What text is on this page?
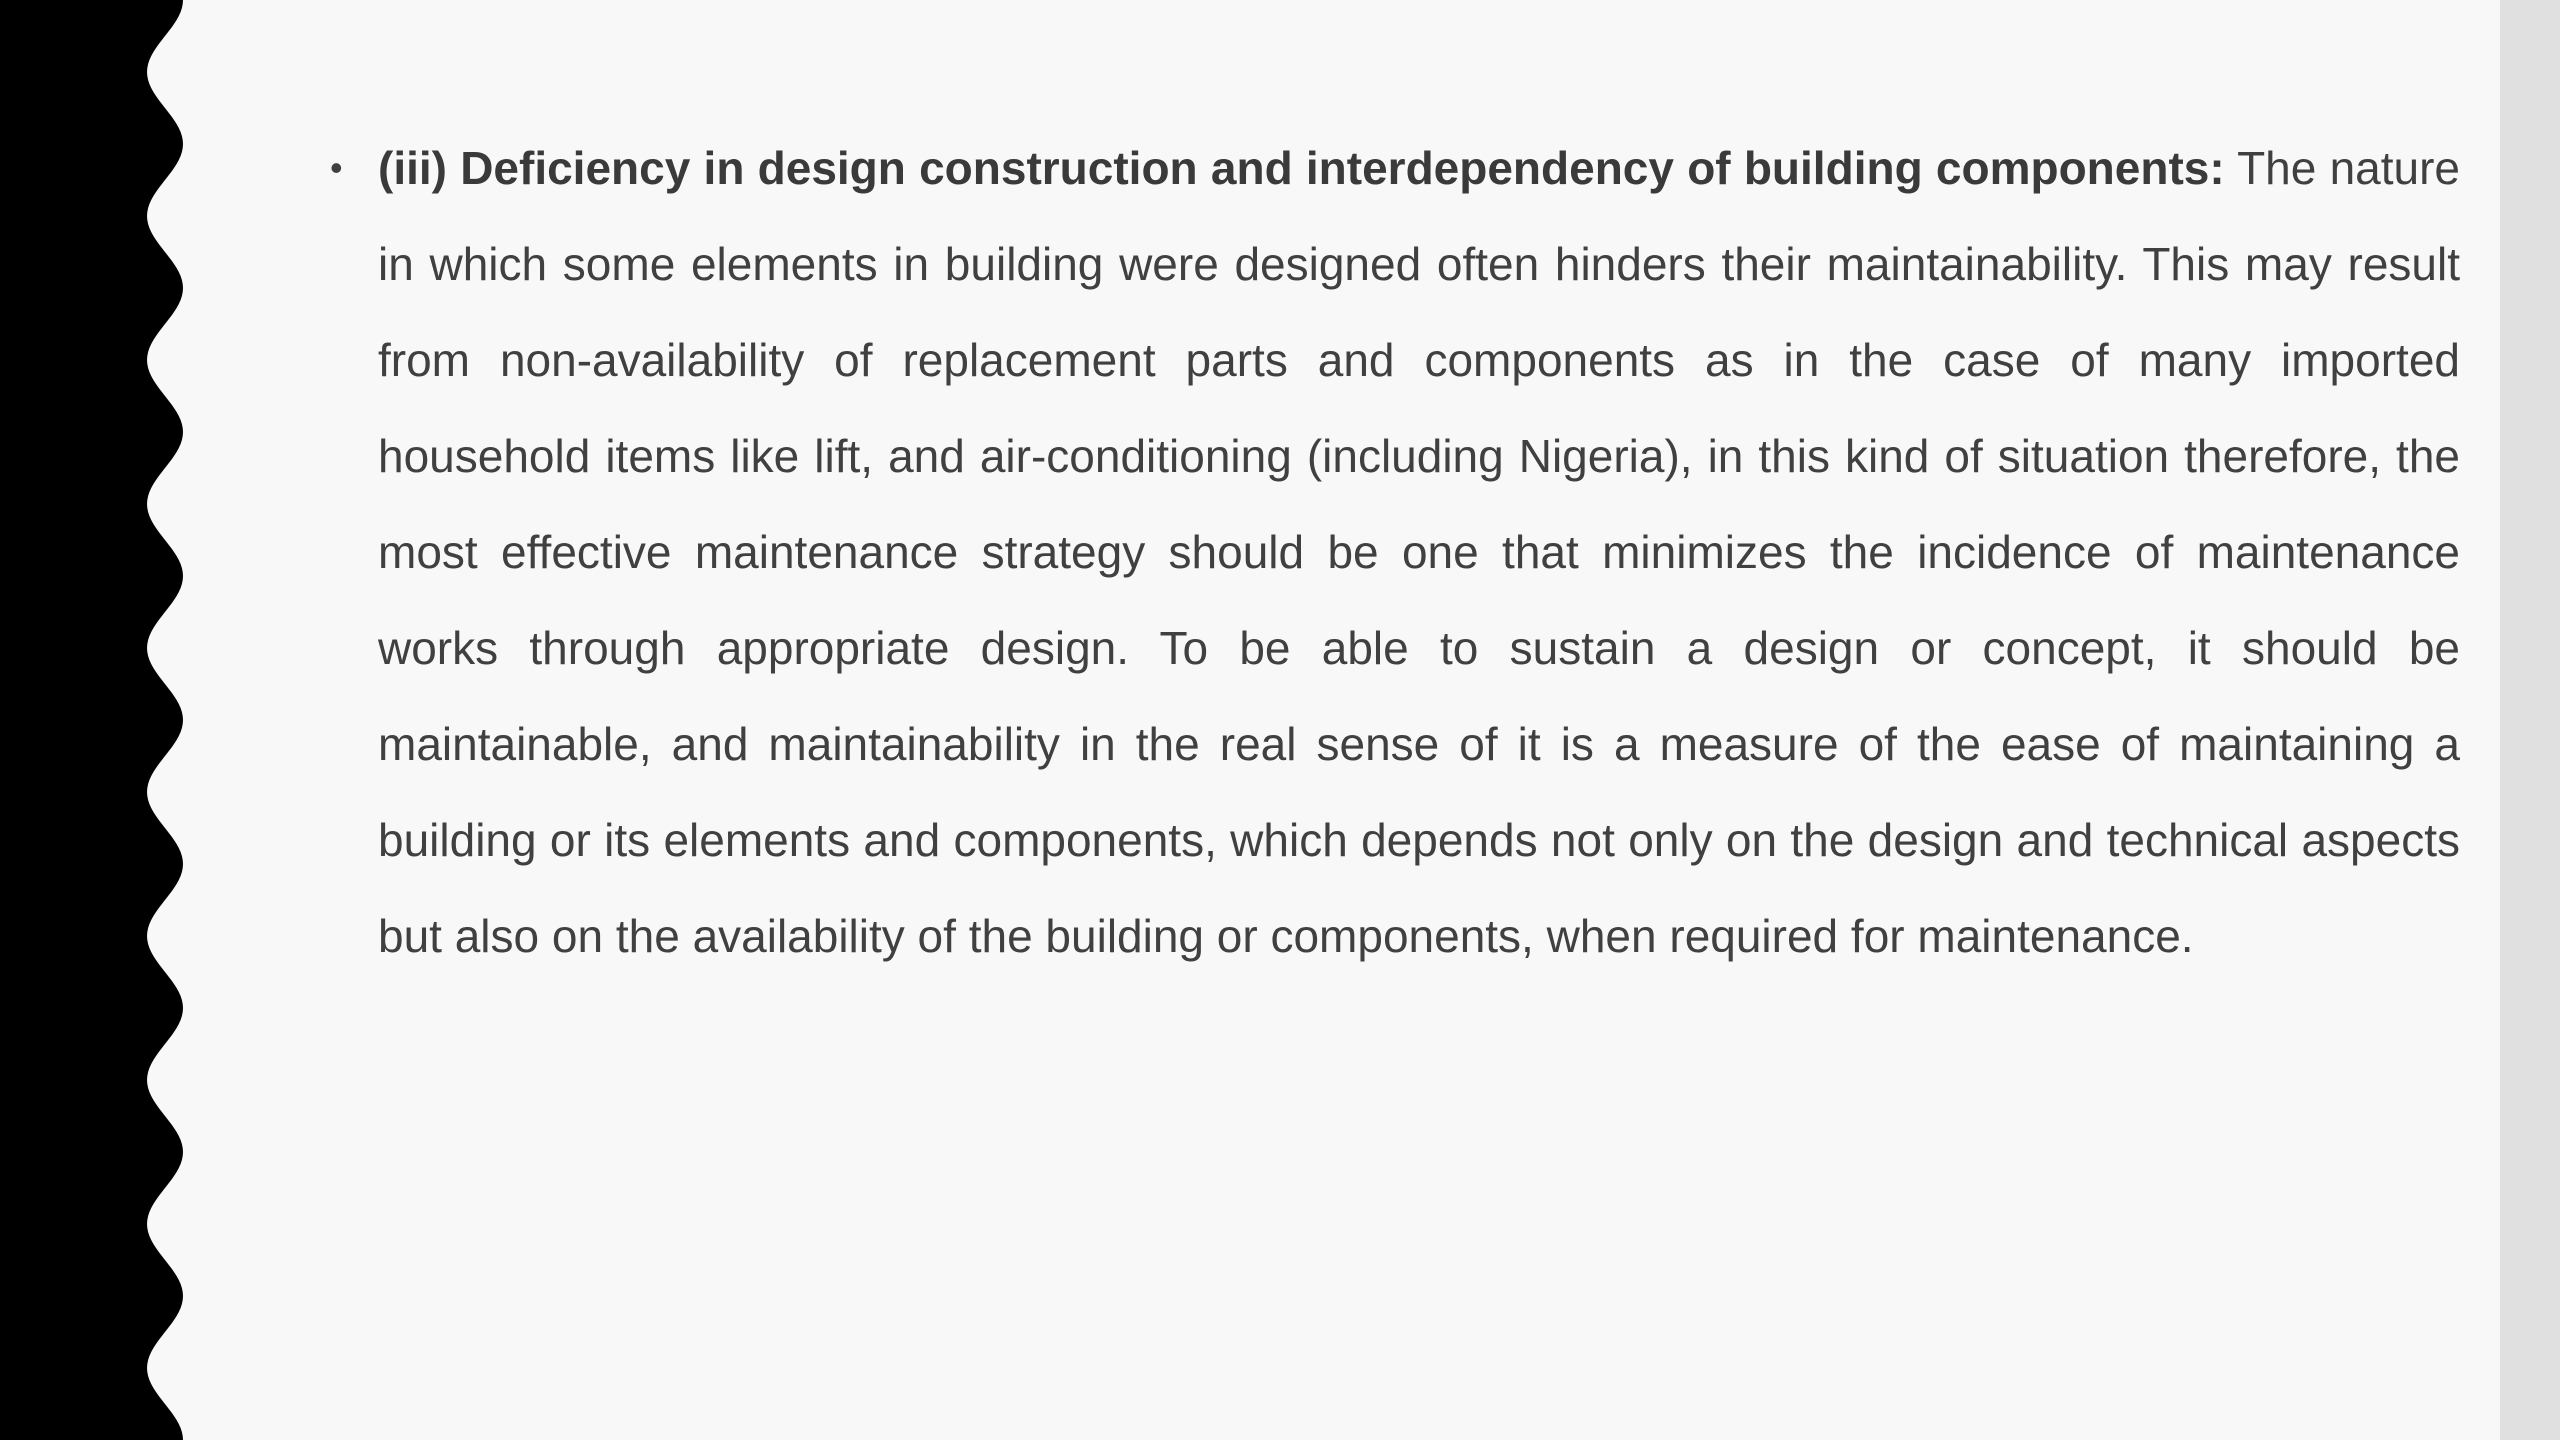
• (iii) Deficiency in design construction and interdependency of building components: The nature in which some elements in building were designed often hinders their maintainability. This may result from non-availability of replacement parts and components as in the case of many imported household items like lift, and air-conditioning (including Nigeria), in this kind of situation therefore, the most effective maintenance strategy should be one that minimizes the incidence of maintenance works through appropriate design. To be able to sustain a design or concept, it should be maintainable, and maintainability in the real sense of it is a measure of the ease of maintaining a building or its elements and components, which depends not only on the design and technical aspects but also on the availability of the building or components, when required for maintenance.
